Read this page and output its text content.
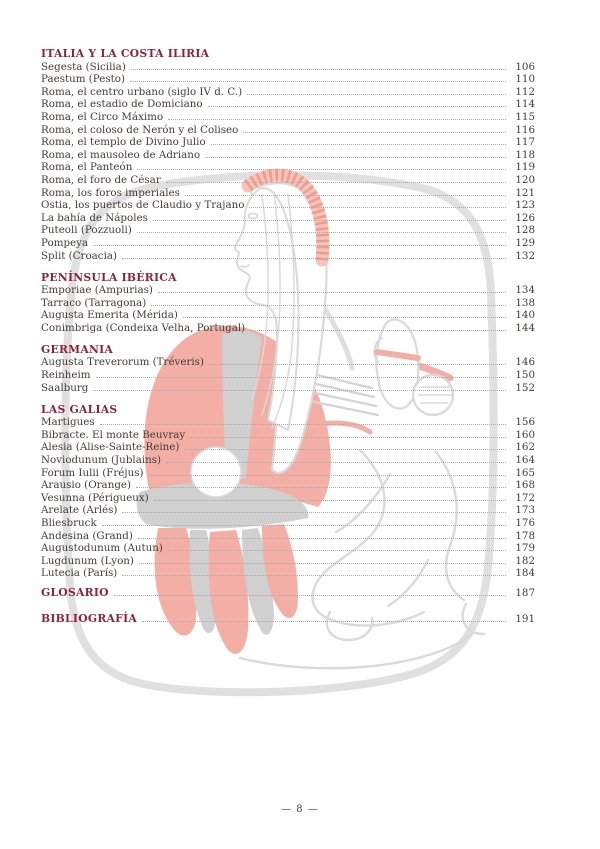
ITALIA Y LA COSTA ILIRIA
Segesta (Sicilia)	106
Paestum (Pesto)	110
Roma, el centro urbano (siglo IV d. C.)	112
Roma, el estadio de Domiciano	114
Roma, el Circo Máximo	115
Roma, el coloso de Nerón y el Coliseo	116
Roma, el templo de Divino Julio	117
Roma, el mausoleo de Adriano	118
Roma, el Panteón	119
Roma, el foro de César	120
Roma, los foros imperiales	121
Ostia, los puertos de Claudio y Trajano	123
La bahía de Nápoles	126
Puteoli (Pozzuoli)	128
Pompeya	129
Split (Croacia)	132
PENÍNSULA IBÉRICA
Emporiae (Ampurias)	134
Tarraco (Tarragona)	138
Augusta Emerita (Mérida)	140
Conimbriga (Condeixa Velha, Portugal)	144
GERMANIA
Augusta Treverorum (Tréveris)	146
Reinheim	150
Saalburg	152
LAS GALIAS
Martigues	156
Bibracte. El monte Beuvray	160
Alesia (Alise-Sainte-Reine)	162
Noviodunum (Jublains)	164
Forum Iulii (Fréjus)	165
Arausio (Orange)	168
Vesunna (Périgueux)	172
Arelate (Arlés)	173
Bliesbruck	176
Andesina (Grand)	178
Augustodunum (Autun)	179
Lugdunum (Lyon)	182
Lutecia (París)	184
GLOSARIO	187
BIBLIOGRAFÍA	191
— 8 —
